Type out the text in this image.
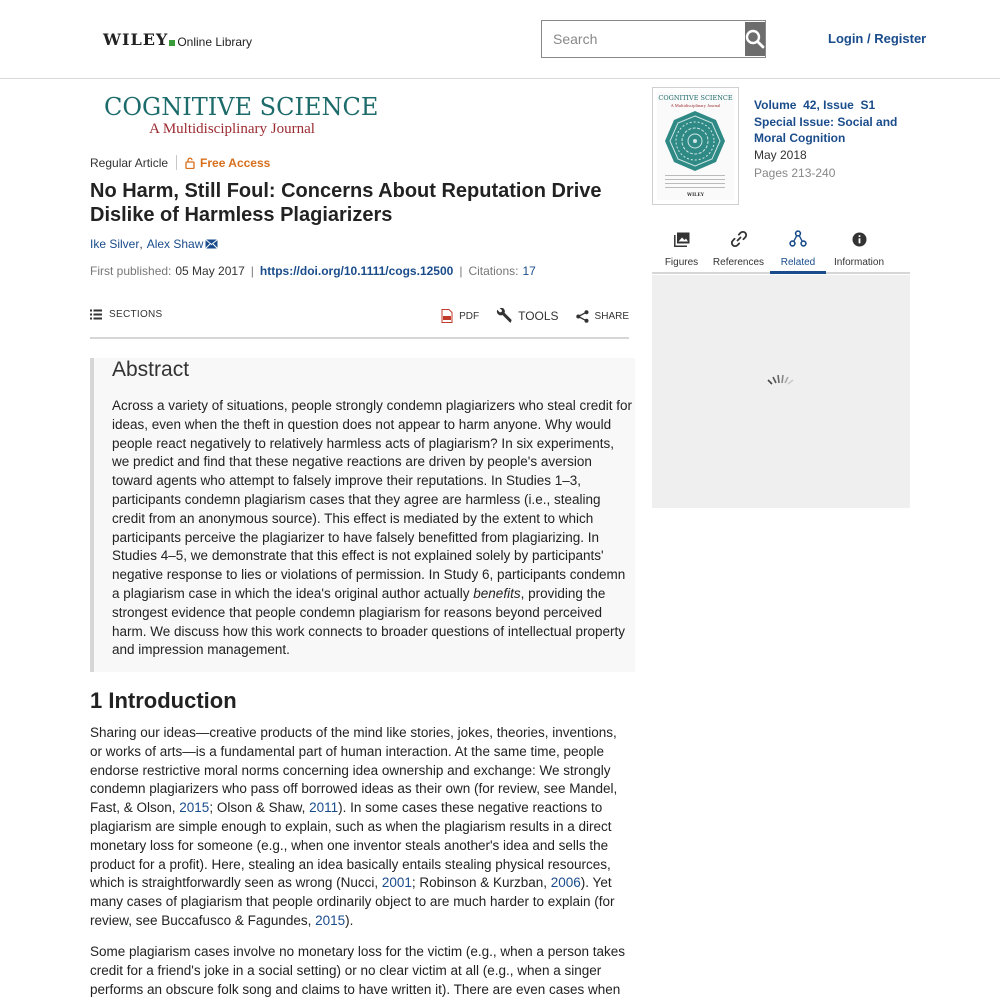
WILEY Online Library
Search	Login / Register
COGNITIVE SCIENCE
A Multidisciplinary Journal
Regular Article	Free Access
No Harm, Still Foul: Concerns About Reputation Drive Dislike of Harmless Plagiarizers
Ike Silver , Alex Shaw
First published: 05 May 2017 | https://doi.org/10.1111/cogs.12500 | Citations: 17
SECTIONS	PDF	TOOLS	SHARE
Abstract

Across a variety of situations, people strongly condemn plagiarizers who steal credit for ideas, even when the theft in question does not appear to harm anyone. Why would people react negatively to relatively harmless acts of plagiarism? In six experiments, we predict and find that these negative reactions are driven by people's aversion toward agents who attempt to falsely improve their reputations. In Studies 1–3, participants condemn plagiarism cases that they agree are harmless (i.e., stealing credit from an anonymous source). This effect is mediated by the extent to which participants perceive the plagiarizer to have falsely benefitted from plagiarizing. In Studies 4–5, we demonstrate that this effect is not explained solely by participants' negative response to lies or violations of permission. In Study 6, participants condemn a plagiarism case in which the idea's original author actually benefits, providing the strongest evidence that people condemn plagiarism for reasons beyond perceived harm. We discuss how this work connects to broader questions of intellectual property and impression management.

1 Introduction

Sharing our ideas—creative products of the mind like stories, jokes, theories, inventions, or works of arts—is a fundamental part of human interaction. At the same time, people endorse restrictive moral norms concerning idea ownership and exchange: We strongly condemn plagiarizers who pass off borrowed ideas as their own (for review, see Mandel, Fast, & Olson, 2015; Olson & Shaw, 2011). In some cases these negative reactions to plagiarism are simple enough to explain, such as when the plagiarism results in a direct monetary loss for someone (e.g., when one inventor steals another's idea and sells the product for a profit). Here, stealing an idea basically entails stealing physical resources, which is straightforwardly seen as wrong (Nucci, 2001; Robinson & Kurzban, 2006). Yet many cases of plagiarism that people ordinarily object to are much harder to explain (for review, see Buccafusco & Fagundes, 2015).

Some plagiarism cases involve no monetary loss for the victim (e.g., when a person takes credit for a friend's joke in a social setting) or no clear victim at all (e.g., when a singer performs an obscure folk song and claims to have written it). There are even cases when

COGNITIVE SCIENCE
A Multidisciplinary Journal
WILEY
Volume 42, Issue S1
Special Issue: Social and Moral Cognition
May 2018
Pages 213-240
Figures References Related Information
